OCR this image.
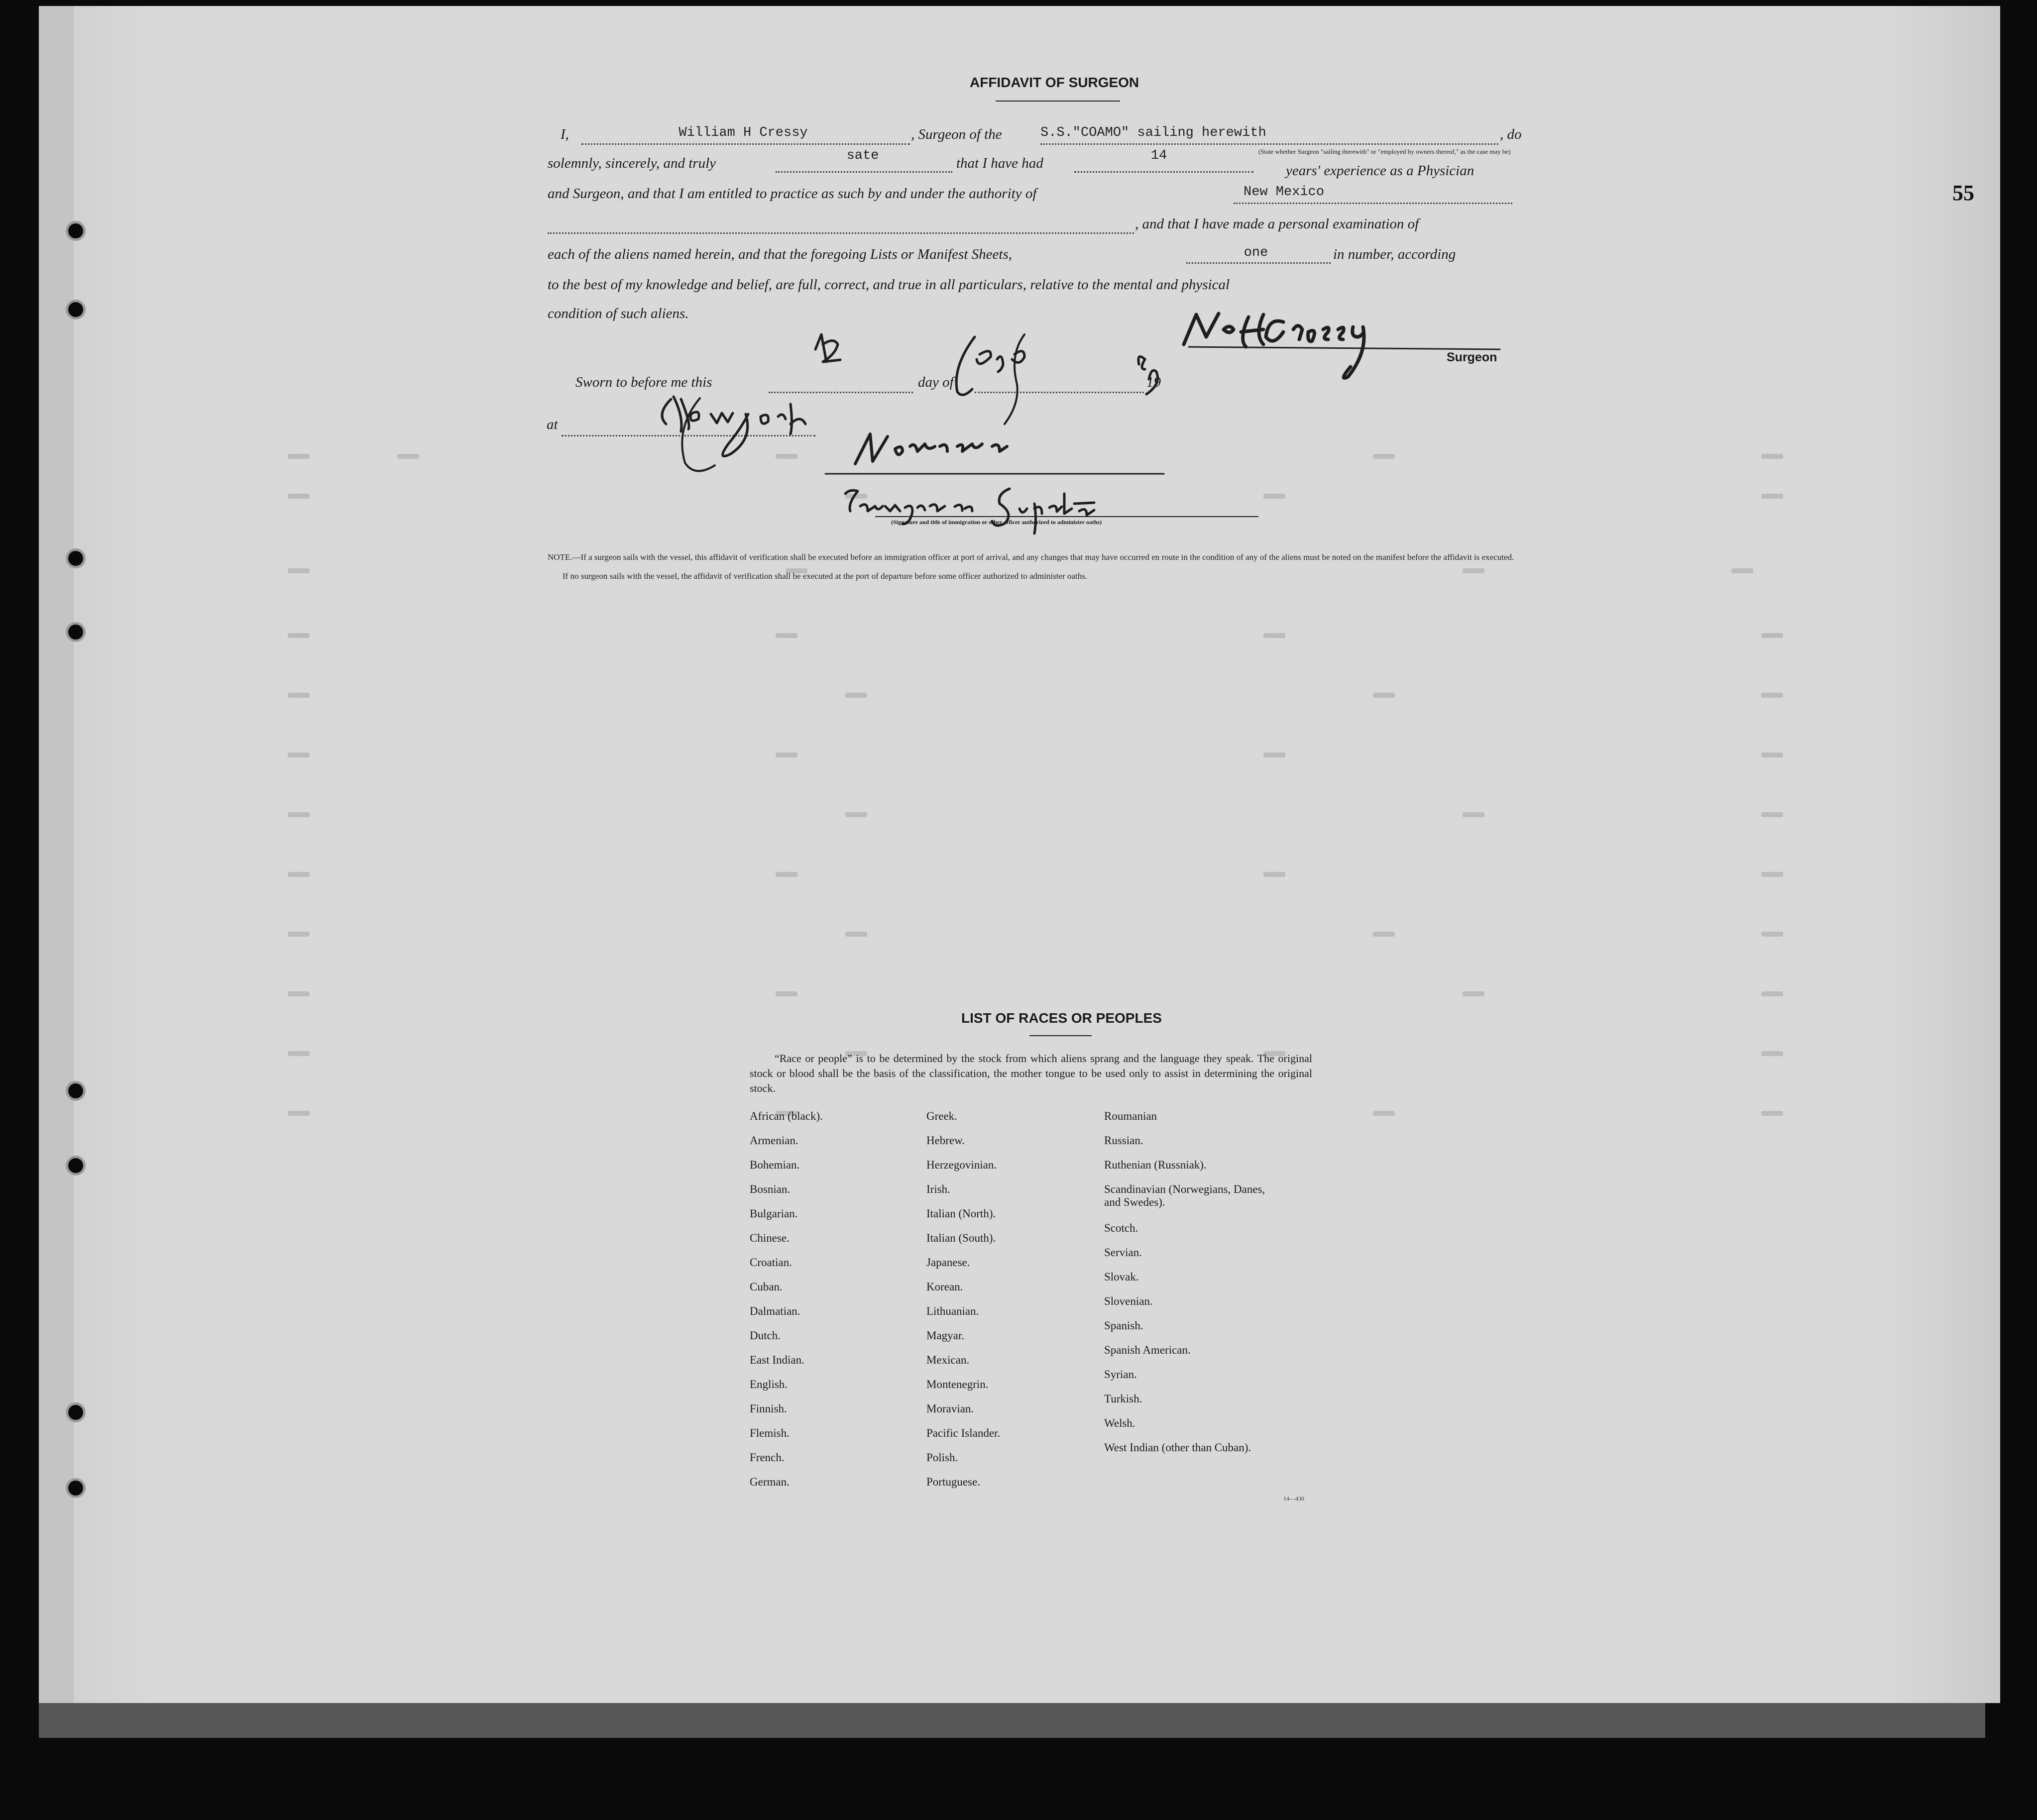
55
AFFIDAVIT OF SURGEON
I,	William H Cressy	, Surgeon of the	S.S."COAMO" sailing herewith	, do
solemnly, sincerely, and truly	sate	that I have had	14	(State whether Surgeon "sailing therewith" or "employed by owners thereof," as the case may be)
years' experience as a Physician
and Surgeon, and that I am entitled to practice as such by and under the authority of	New Mexico
, and that I have made a personal examination of
each of the aliens named herein, and that the foregoing Lists or Manifest Sheets,	one	in number, according
to the best of my knowledge and belief, are full, correct, and true in all particulars, relative to the mental and physical
condition of such aliens.
Surgeon
Sworn to before me this	day of	19
at
(Signature and title of immigration or other officer authorized to administer oaths)
NOTE.—If a surgeon sails with the vessel, this affidavit of verification shall be executed before an immigration officer at port of arrival, and any changes that may have occurred en route in the condition of any of the aliens must be noted on the manifest before the affidavit is executed.
If no surgeon sails with the vessel, the affidavit of verification shall be executed at the port of departure before some officer authorized to administer oaths.
LIST OF RACES OR PEOPLES
“Race or people” is to be determined by the stock from which aliens sprang and the language they speak. The original stock or blood shall be the basis of the classification, the mother tongue to be used only to assist in determining the original stock.
African (black).
Armenian.
Bohemian.
Bosnian.
Bulgarian.
Chinese.
Croatian.
Cuban.
Dalmatian.
Dutch.
East Indian.
English.
Finnish.
Flemish.
French.
German.
Greek.
Hebrew.
Herzegovinian.
Irish.
Italian (North).
Italian (South).
Japanese.
Korean.
Lithuanian.
Magyar.
Mexican.
Montenegrin.
Moravian.
Pacific Islander.
Polish.
Portuguese.
Roumanian
Russian.
Ruthenian (Russniak).
Scandinavian (Norwegians, Danes, and Swedes).
Scotch.
Servian.
Slovak.
Slovenian.
Spanish.
Spanish American.
Syrian.
Turkish.
Welsh.
West Indian (other than Cuban).
14—430
